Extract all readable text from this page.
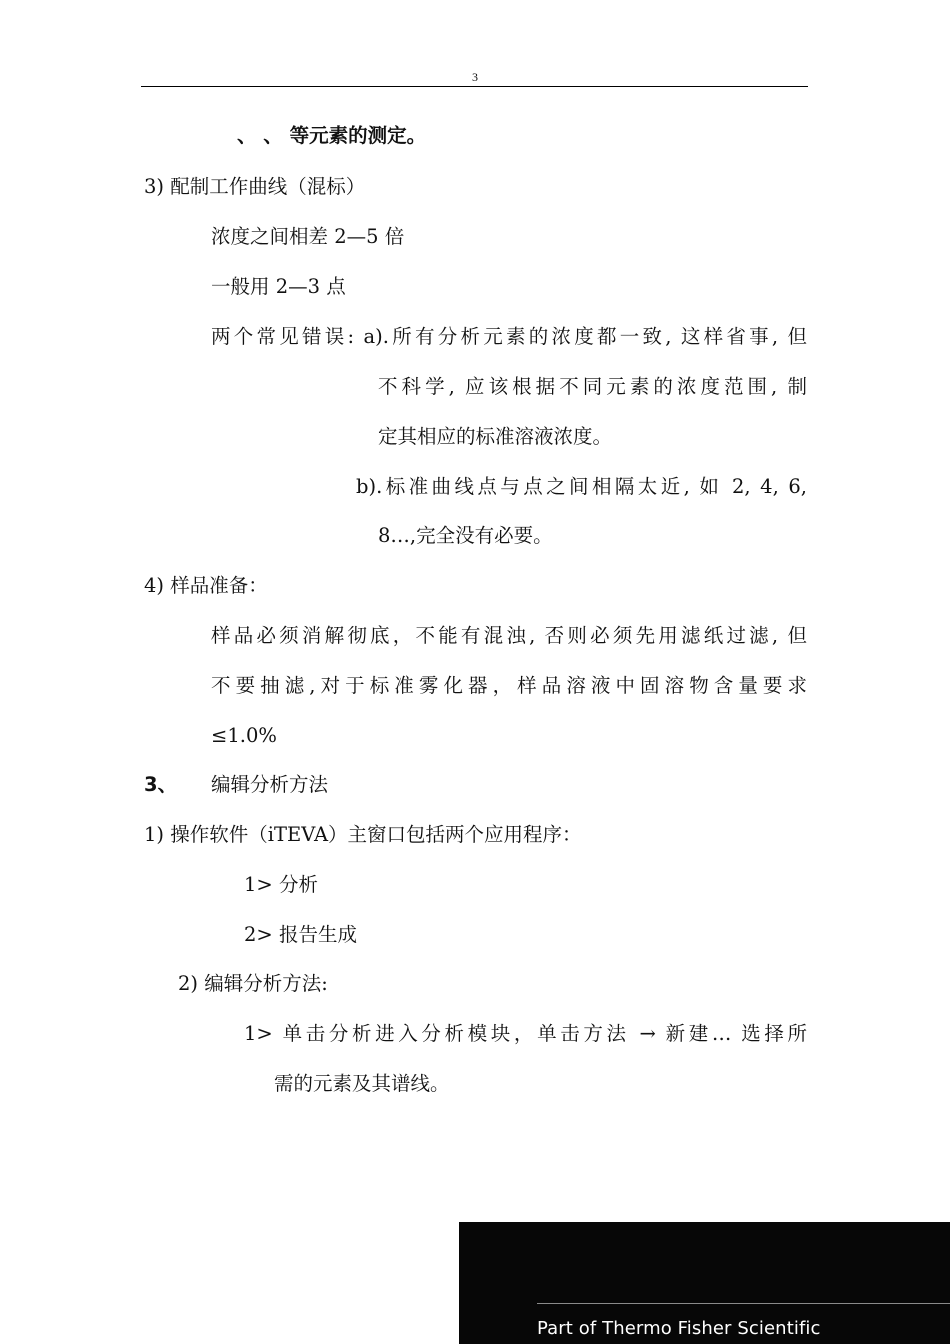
3
、 、 等元素的测定。
3) 配制工作曲线（混标）
浓度之间相差 2—5 倍
一般用 2—3 点
两个常见错误: a).所有分析元素的浓度都一致, 这样省事, 但
不科学, 应该根据不同元素的浓度范围, 制
定其相应的标准溶液浓度。
b).标准曲线点与点之间相隔太近, 如 2, 4, 6,
8…,完全没有必要。
4) 样品准备：
样品必须消解彻底，不能有混浊, 否则必须先用滤纸过滤, 但
不要抽滤,对于标准雾化器，样品溶液中固溶物含量要求
≤1.0%
3、 编辑分析方法
1) 操作软件（iTEVA）主窗口包括两个应用程序：
1> 分析
2> 报告生成
2) 编辑分析方法:
1> 单击分析进入分析模块，单击方法 → 新建… 选择所
需的元素及其谱线。
Part of Thermo Fisher Scientific
